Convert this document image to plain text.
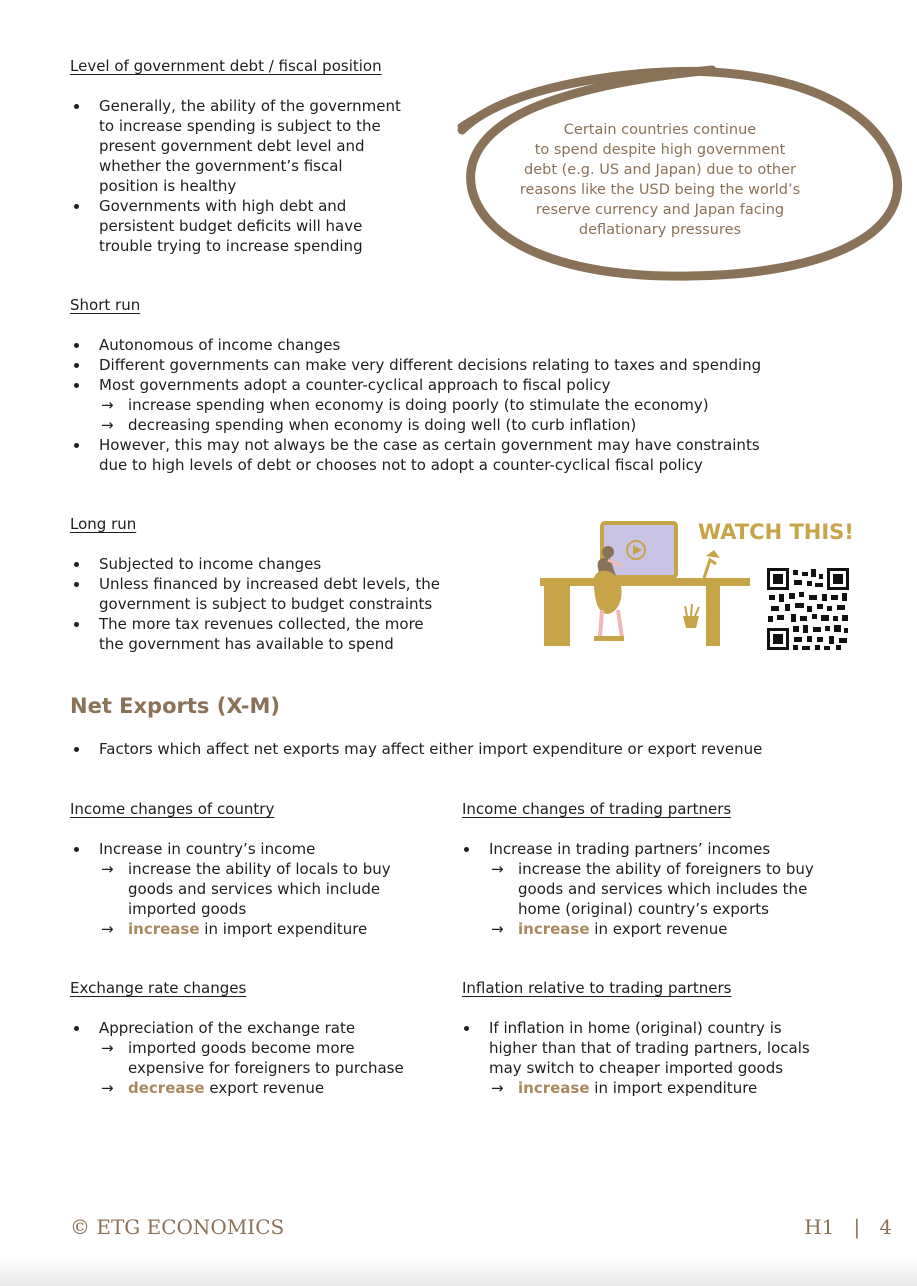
Level of government debt / fiscal position
Generally, the ability of the government
to increase spending is subject to the
present government debt level and
whether the government’s fiscal
position is healthy
Governments with high debt and
persistent budget deficits will have
trouble trying to increase spending
Certain countries continue
to spend despite high government
debt (e.g. US and Japan) due to other
reasons like the USD being the world’s
reserve currency and Japan facing
deflationary pressures
Short run
Autonomous of income changes
Different governments can make very different decisions relating to taxes and spending
Most governments adopt a counter-cyclical approach to fiscal policy
→ increase spending when economy is doing poorly (to stimulate the economy)
→ decreasing spending when economy is doing well (to curb inflation)
However, this may not always be the case as certain government may have constraints
due to high levels of debt or chooses not to adopt a counter-cyclical fiscal policy
Long run
Subjected to income changes
Unless financed by increased debt levels, the
government is subject to budget constraints
The more tax revenues collected, the more
the government has available to spend
WATCH THIS!
Net Exports (X-M)
Factors which affect net exports may affect either import expenditure or export revenue
Income changes of country
Increase in country’s income
→ increase the ability of locals to buy
goods and services which include
imported goods
→ increase in import expenditure
Income changes of trading partners
Increase in trading partners’ incomes
→ increase the ability of foreigners to buy
goods and services which includes the
home (original) country’s exports
→ increase in export revenue
Exchange rate changes
Appreciation of the exchange rate
→ imported goods become more
expensive for foreigners to purchase
→ decrease export revenue
Inflation relative to trading partners
If inflation in home (original) country is
higher than that of trading partners, locals
may switch to cheaper imported goods
→ increase in import expenditure
© ETG ECONOMICS	H1   |   4
